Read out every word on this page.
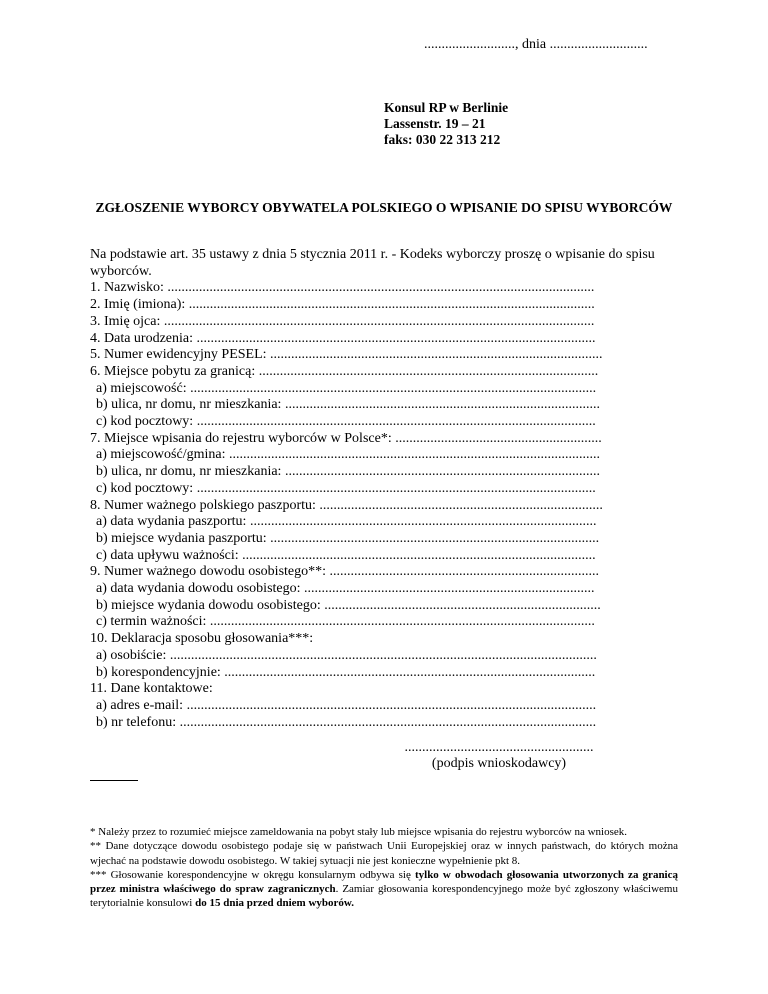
.........................., dnia ............................
Konsul RP w Berlinie
Lassenstr. 19 – 21
faks: 030 22 313 212
ZGŁOSZENIE WYBORCY OBYWATELA POLSKIEGO O WPISANIE DO SPISU WYBORCÓW
Na podstawie art. 35 ustawy z dnia 5 stycznia 2011 r. - Kodeks wyborczy proszę o wpisanie do spisu wyborców.
1. Nazwisko: ..........................................................................................................................
2. Imię (imiona): ....................................................................................................................
3. Imię ojca: ...........................................................................................................................
4. Data urodzenia: ..................................................................................................................
5. Numer ewidencyjny PESEL: ...............................................................................................
6. Miejsce pobytu za granicą: .................................................................................................
a) miejscowość: ....................................................................................................................
b) ulica, nr domu, nr mieszkania: ..........................................................................................
c) kod pocztowy: ..................................................................................................................
7. Miejsce wpisania do rejestru wyborców w Polsce*: ...........................................................
a) miejscowość/gmina: ..........................................................................................................
b) ulica, nr domu, nr mieszkania: ..........................................................................................
c) kod pocztowy: ..................................................................................................................
8. Numer ważnego polskiego paszportu: .................................................................................
a) data wydania paszportu: ...................................................................................................
b) miejsce wydania paszportu: ..............................................................................................
c) data upływu ważności: .....................................................................................................
9. Numer ważnego dowodu osobistego**: .............................................................................
a) data wydania dowodu osobistego: ...................................................................................
b) miejsce wydania dowodu osobistego: ...............................................................................
c) termin ważności: ..............................................................................................................
10. Deklaracja sposobu głosowania***:
a) osobiście: ..........................................................................................................................
b) korespondencyjnie: ..........................................................................................................
11. Dane kontaktowe:
a) adres e-mail: .....................................................................................................................
b) nr telefonu: .......................................................................................................................
......................................................
(podpis wnioskodawcy)

* Należy przez to rozumieć miejsce zameldowania na pobyt stały lub miejsce wpisania do rejestru wyborców na wniosek.

** Dane dotyczące dowodu osobistego podaje się w państwach Unii Europejskiej oraz w innych państwach, do których można wjechać na podstawie dowodu osobistego. W takiej sytuacji nie jest konieczne wypełnienie pkt 8.

*** Głosowanie korespondencyjne w okręgu konsularnym odbywa się tylko w obwodach głosowania utworzonych za granicą przez ministra właściwego do spraw zagranicznych. Zamiar głosowania korespondencyjnego może być zgłoszony właściwemu terytorialnie konsulowi do 15 dnia przed dniem wyborów.
